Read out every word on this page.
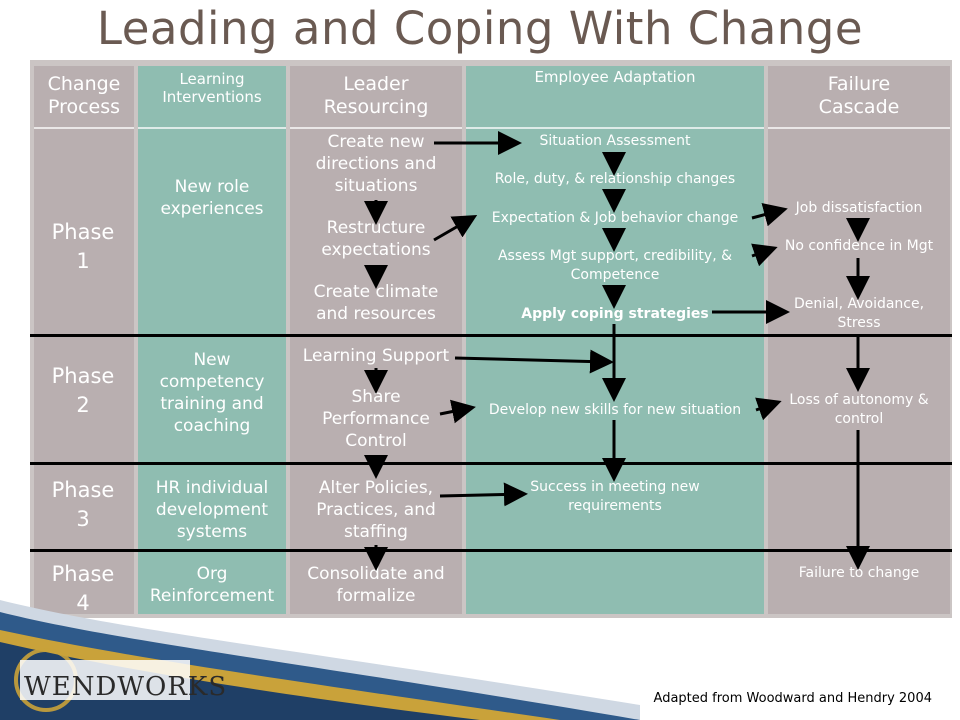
Leading and Coping With Change
Change
Process
Learning
Interventions
Leader
Resourcing
Employee Adaptation	Failure
Cascade
Phase
1
Phase
2
Phase
3
Phase
4
New role
experiences
New
competency
training and
coaching
HR individual
development
systems
Org
Reinforcement
Create new
directions and
situations
Restructure
expectations
Create climate
and resources
Learning Support
Share
Performance
Control
Alter Policies,
Practices, and
staffing
Consolidate and
formalize
Situation Assessment
Role, duty, & relationship changes
Expectation & Job behavior change
Assess Mgt support, credibility, &
Competence
Apply coping strategies
Develop new skills for new situation
Success in meeting new
requirements
Job dissatisfaction
No confidence in Mgt
Denial, Avoidance,
Stress
Loss of autonomy &
control
Failure to change
WENDWORKS	Adapted from Woodward and Hendry 2004
